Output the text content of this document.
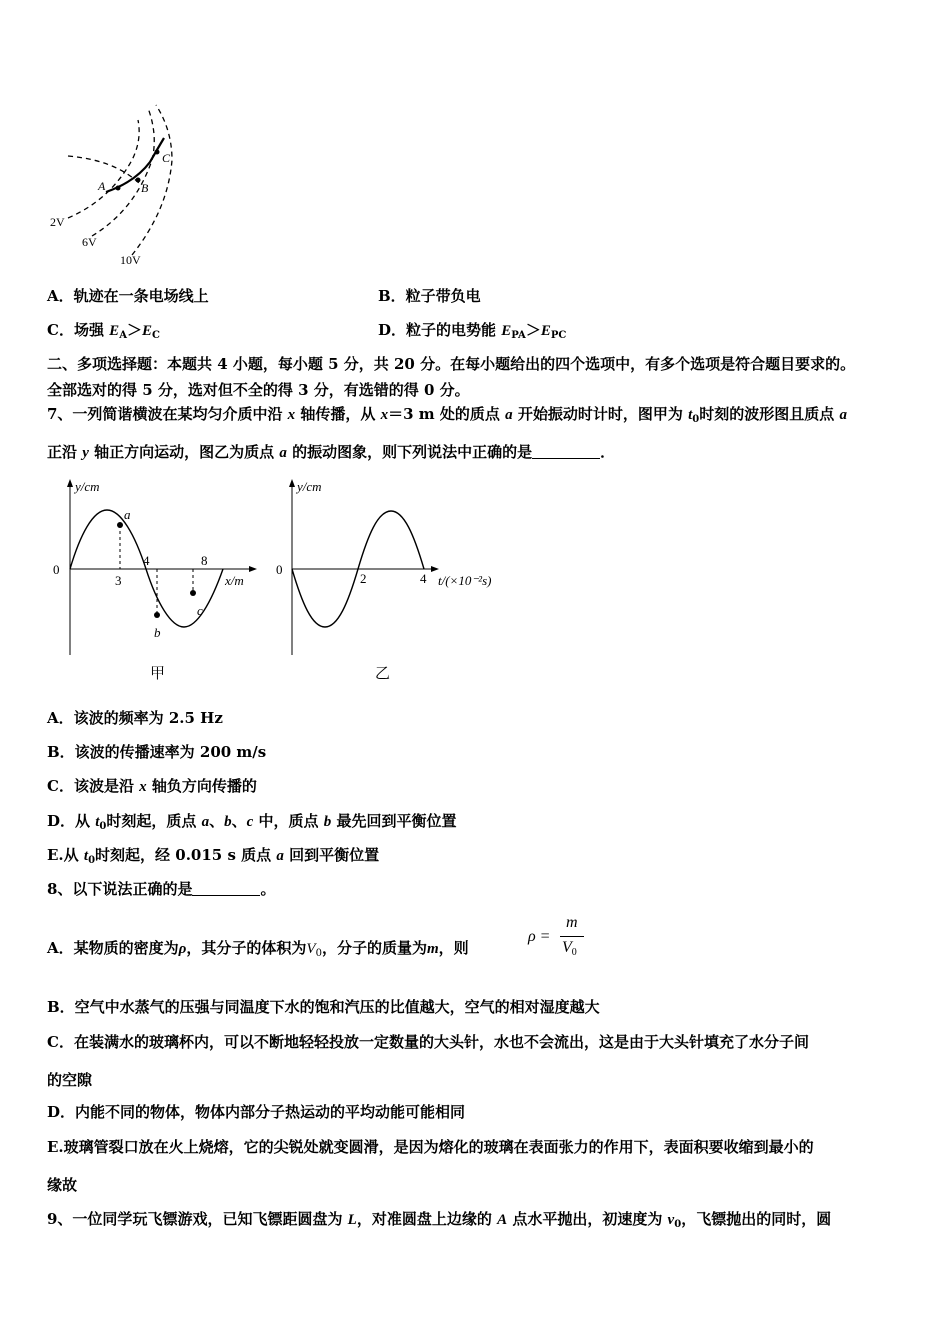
A	B
C
2V
6V
10V
A．轨迹在一条电场线上	B．粒子带负电
C．场强 $E_A>E_C$	D．粒子的电势能 $E_{PA}>E_{PC}$
二、多项选择题：本题共 4 小题，每小题 5 分，共 20 分。在每小题给出的四个选项中，有多个选项是符合题目要求的。
全部选对的得 5 分，选对但不全的得 3 分，有选错的得 0 分。
7、一列简谐横波在某均匀介质中沿 x 轴传播，从 x＝3 m 处的质点 a 开始振动时计时，图甲为 $t_0$时刻的波形图且质点 a
正沿 y 轴正方向运动，图乙为质点 a 的振动图象，则下列说法中正确的是	．
y/cm
x/m
0
3
4	8
a
b
c
甲
y/cm
t/(×10⁻²s)
0
2	4
乙
A．该波的频率为 2.5 Hz
B．该波的传播速率为 200 m/s
C．该波是沿 x 轴负方向传播的
D．从 $t_0$时刻起，质点 a、b、c 中，质点 b 最先回到平衡位置
E.从 $t_0$时刻起，经 0.015 s 质点 a 回到平衡位置
8、以下说法正确的是	。
A．某物质的密度为ρ，其分子的体积为$V_0$，分子的质量为m，则
ρ =
m
$V_0$
B．空气中水蒸气的压强与同温度下水的饱和汽压的比值越大，空气的相对湿度越大
C．在装满水的玻璃杯内，可以不断地轻轻投放一定数量的大头针，水也不会流出，这是由于大头针填充了水分子间
的空隙
D．内能不同的物体，物体内部分子热运动的平均动能可能相同
E.玻璃管裂口放在火上烧熔，它的尖锐处就变圆滑，是因为熔化的玻璃在表面张力的作用下，表面积要收缩到最小的
缘故
9、一位同学玩飞镖游戏，已知飞镖距圆盘为 L，对准圆盘上边缘的 A 点水平抛出，初速度为 $v_0$，飞镖抛出的同时，圆
